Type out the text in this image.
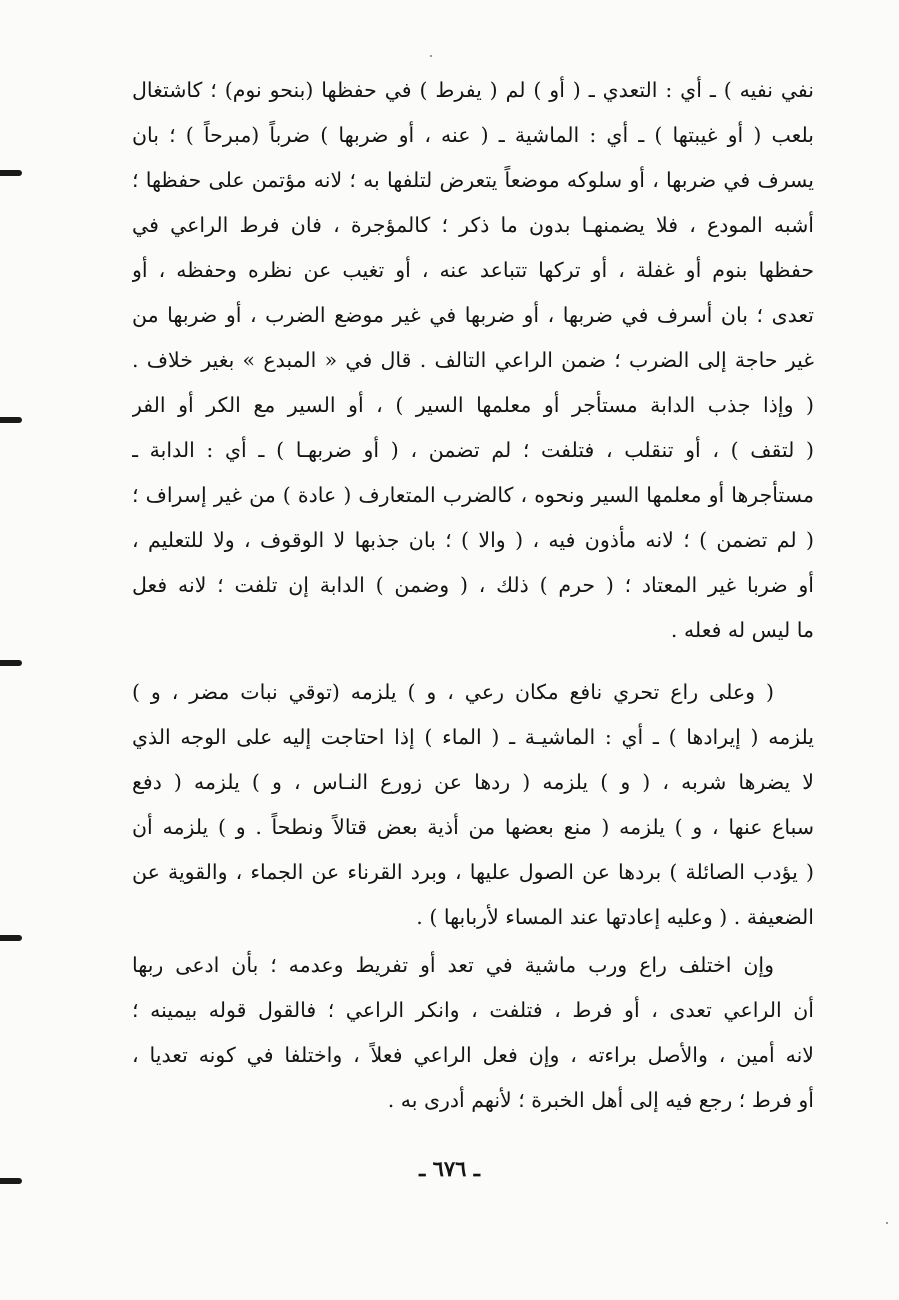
نفي نفيه ) ـ أي : التعدي ـ ( أو ) لم ( يفرط ) في حفظها (بنحو نوم) ؛ كاشتغال
بلعب ( أو غيبتها ) ـ أي : الماشية ـ ( عنه ، أو ضربها ) ضرباً (مبرحاً ) ؛ بان
يسرف في ضربها ، أو سلوكه موضعاً يتعرض لتلفها به ؛ لانه مؤتمن على حفظها ؛
أشبه المودع ، فلا يضمنهـا بدون ما ذكر ؛ كالمؤجرة ، فان فرط الراعي في
حفظها بنوم أو غفلة ، أو تركها تتباعد عنه ، أو تغيب عن نظره وحفظه ، أو
تعدى ؛ بان أسرف في ضربها ، أو ضربها في غير موضع الضرب ، أو ضربها من
غير حاجة إلى الضرب ؛ ضمن الراعي التالف . قال في « المبدع » بغير خلاف .
( وإذا جذب الدابة مستأجر أو معلمها السير ) ، أو السير مع الكر أو الفر
( لتقف ) ، أو تنقلب ، فتلفت ؛ لم تضمن ، ( أو ضربهـا ) ـ أي : الدابة ـ
مستأجرها أو معلمها السير ونحوه ، كالضرب المتعارف ( عادة ) من غير إسراف ؛
( لم تضمن ) ؛ لانه مأذون فيه ، ( والا ) ؛ بان جذبها لا الوقوف ، ولا للتعليم ،
أو ضربا غير المعتاد ؛ ( حرم ) ذلك ، ( وضمن ) الدابة إن تلفت ؛ لانه فعل
ما ليس له فعله .
( وعلى راع تحري نافع مكان رعي ، و ) يلزمه (توقي نبات مضر ، و )
يلزمه ( إيرادها ) ـ أي : الماشيـة ـ ( الماء ) إذا احتاجت إليه على الوجه الذي
لا يضرها شربه ، ( و ) يلزمه ( ردها عن زورع النـاس ، و ) يلزمه ( دفع
سباع عنها ، و ) يلزمه ( منع بعضها من أذية بعض قتالاً ونطحاً . و ) يلزمه أن
( يؤدب الصائلة ) بردها عن الصول عليها ، وبرد القرناء عن الجماء ، والقوية عن
الضعيفة . ( وعليه إعادتها عند المساء لأربابها ) .
وإن اختلف راع ورب ماشية في تعد أو تفريط وعدمه ؛ بأن ادعى ربها
أن الراعي تعدى ، أو فرط ، فتلفت ، وانكر الراعي ؛ فالقول قوله بيمينه ؛
لانه أمين ، والأصل براءته ، وإن فعل الراعي فعلاً ، واختلفا في كونه تعديا ،
أو فرط ؛ رجع فيه إلى أهل الخبرة ؛ لأنهم أدرى به .
ـ ٦٧٦ ـ
